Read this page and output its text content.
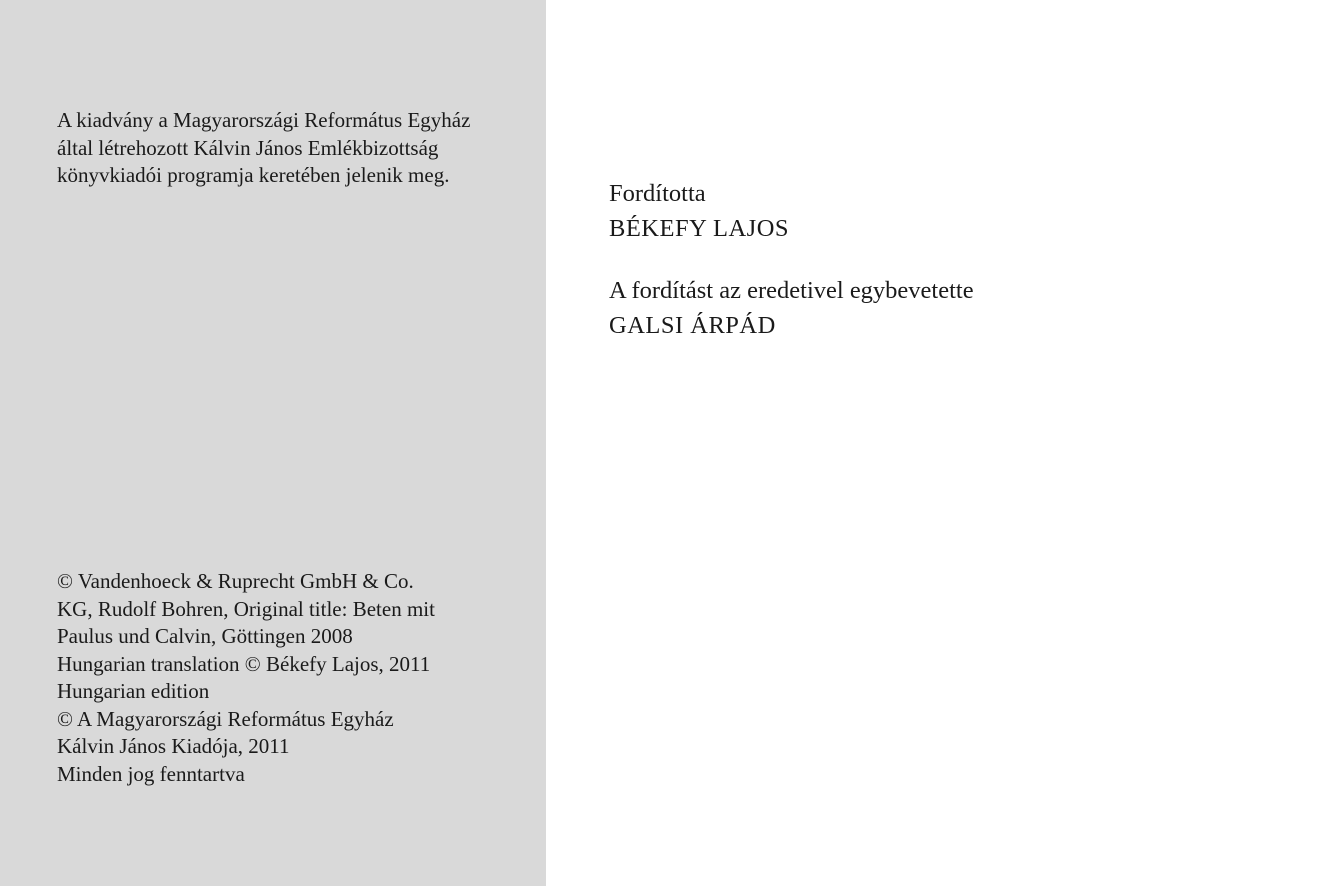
A kiadvány a Magyarországi Református Egyház
által létrehozott Kálvin János Emlékbizottság
könyvkiadói programja keretében jelenik meg.

© Vandenhoeck & Ruprecht GmbH & Co.
KG, Rudolf Bohren, Original title: Beten mit
Paulus und Calvin, Göttingen 2008
Hungarian translation © Békefy Lajos, 2011
Hungarian edition
© A Magyarországi Református Egyház
Kálvin János Kiadója, 2011
Minden jog fenntartva

Fordította
BÉKEFY LAJOS

A fordítást az eredetivel egybevetette
GALSI ÁRPÁD
